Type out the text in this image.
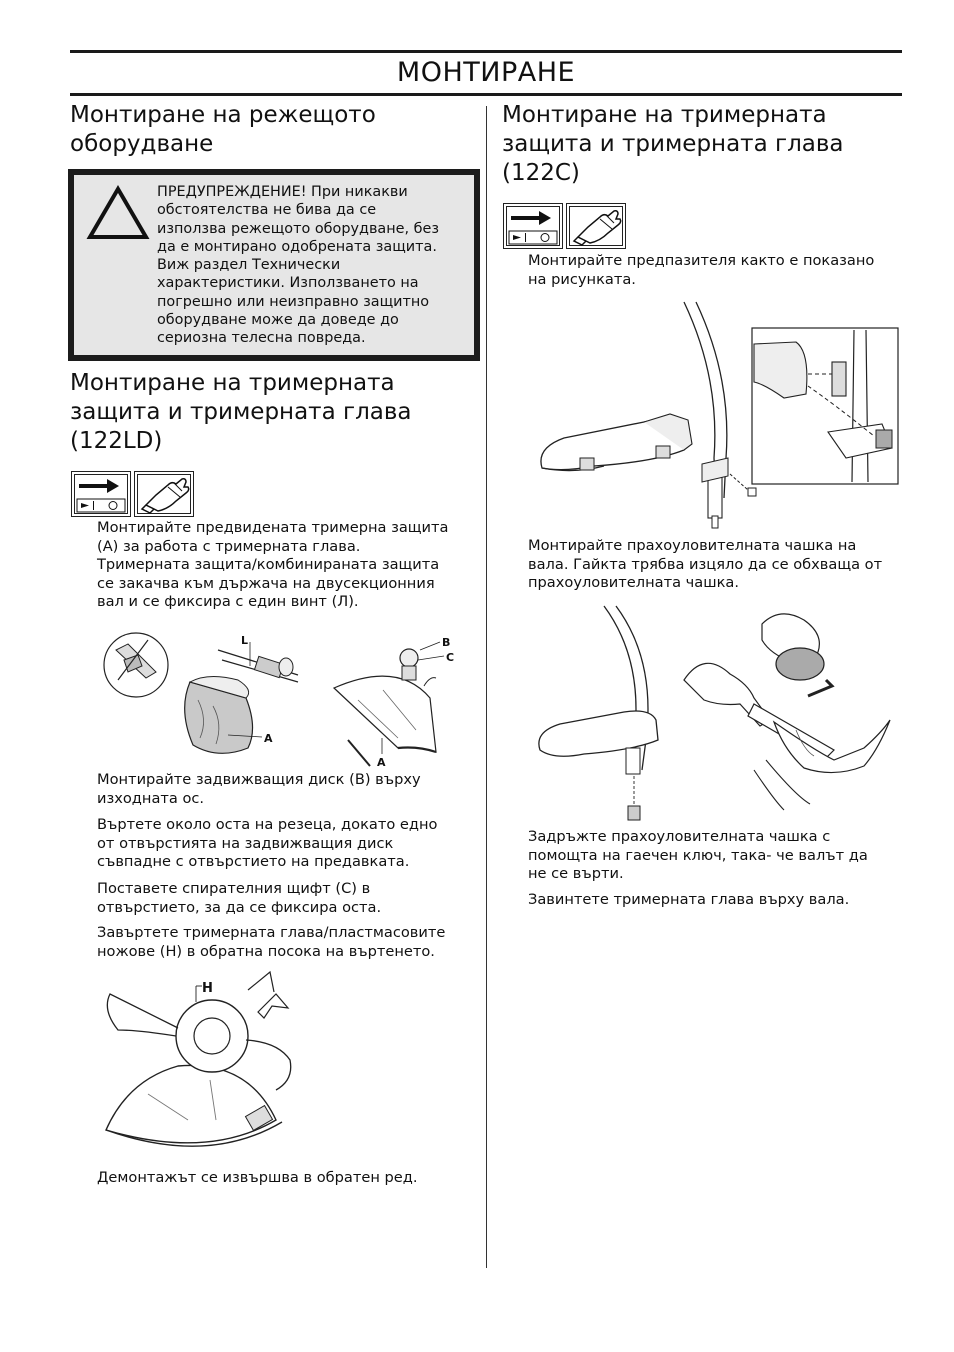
МОНТИРАНЕ
Монтиране на режещото
оборудване

ПРЕДУПРЕЖДЕНИЕ! При никакви
обстоятелства не бива да се
използва режещото оборудване, без
да е монтирано одобрената защита.
Виж раздел Технически
характеристики. Използването на
погрешно или неизправно защитно
оборудване може да доведе до
сериозна телесна повреда.

Монтиране на тримерната
защита и тримерната глава
(122LD)

Монтирайте предвидената тримерна защита
(А) за работа с тримерната глава.
Тримерната защита/комбинираната защита
се закачва към държача на двусекционния
вал и се фиксира с един винт (Л).

L
A
B
C
A

Монтирайте задвижващия диск (В) върху
изходната ос.

Въртете около оста на резеца, докато едно
от отвърстията на задвижващия диск
съвпадне с отвърстието на предавката.

Поставете спирателния щифт (С) в
отвърстието, за да се фиксира оста.

Завъртете тримерната глава/пластмасовите
ножове (Н) в обратна посока на въртенето.

H

Демонтажът се извършва в обратен ред.

Монтиране на тримерната
защита и тримерната глава
(122C)

Монтирайте предпазителя както е показано
на рисунката.

Монтирайте прахоуловителната чашка на
вала. Гайкта трябва изцяло да се обхваща от
прахоуловителната чашка.

Задръжте прахоуловителната чашка с
помощта на гаечен ключ, така- че валът да
не се върти.

Завинтете тримерната глава върху вала.
